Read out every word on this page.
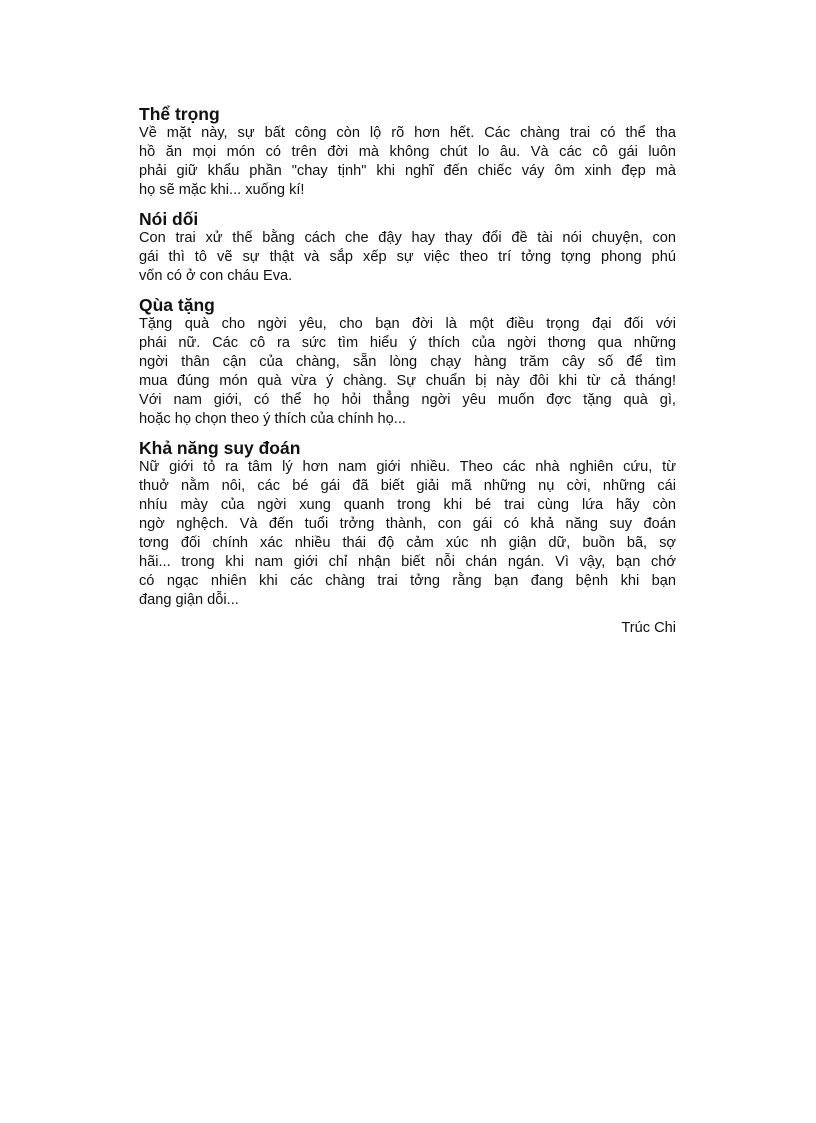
Thể trọng
Về mặt này, sự bất công còn lộ rõ hơn hết. Các chàng trai có thể tha
hồ ăn mọi món có trên đời mà không chút lo âu. Và các cô gái luôn
phải giữ khẩu phần "chay tịnh" khi nghĩ đến chiếc váy ôm xinh đẹp mà
họ sẽ mặc khi... xuống kí!
Nói dối
Con trai xử thế bằng cách che đậy hay thay đổi đề tài nói chuyện, con
gái thì tô vẽ sự thật và sắp xếp sự việc theo trí tởng tợng phong phú
vốn có ở con cháu Eva.
Qùa tặng
Tặng quà cho ngời yêu, cho bạn đời là một điều trọng đại đối với
phái nữ. Các cô ra sức tìm hiểu ý thích của ngời thơng qua những
ngời thân cận của chàng, sẵn lòng chạy hàng trăm cây số để tìm
mua đúng món quà vừa ý chàng. Sự chuẩn bị này đôi khi từ cả tháng!
Với nam giới, có thể họ hỏi thẳng ngời yêu muốn đợc tặng quà gì,
hoặc họ chọn theo ý thích của chính họ...
Khả năng suy đoán
Nữ giới tỏ ra tâm lý hơn nam giới nhiều. Theo các nhà nghiên cứu, từ
thuở nằm nôi, các bé gái đã biết giải mã những nụ cời, những cái
nhíu mày của ngời xung quanh trong khi bé trai cùng lứa hãy còn
ngờ nghệch. Và đến tuổi trởng thành, con gái có khả năng suy đoán
tơng đối chính xác nhiều thái độ cảm xúc nh giận dữ, buồn bã, sợ
hãi... trong khi nam giới chỉ nhận biết nỗi chán ngán. Vì vậy, bạn chớ
có ngạc nhiên khi các chàng trai tởng rằng bạn đang bệnh khi bạn
đang giận dỗi...
Trúc Chi
